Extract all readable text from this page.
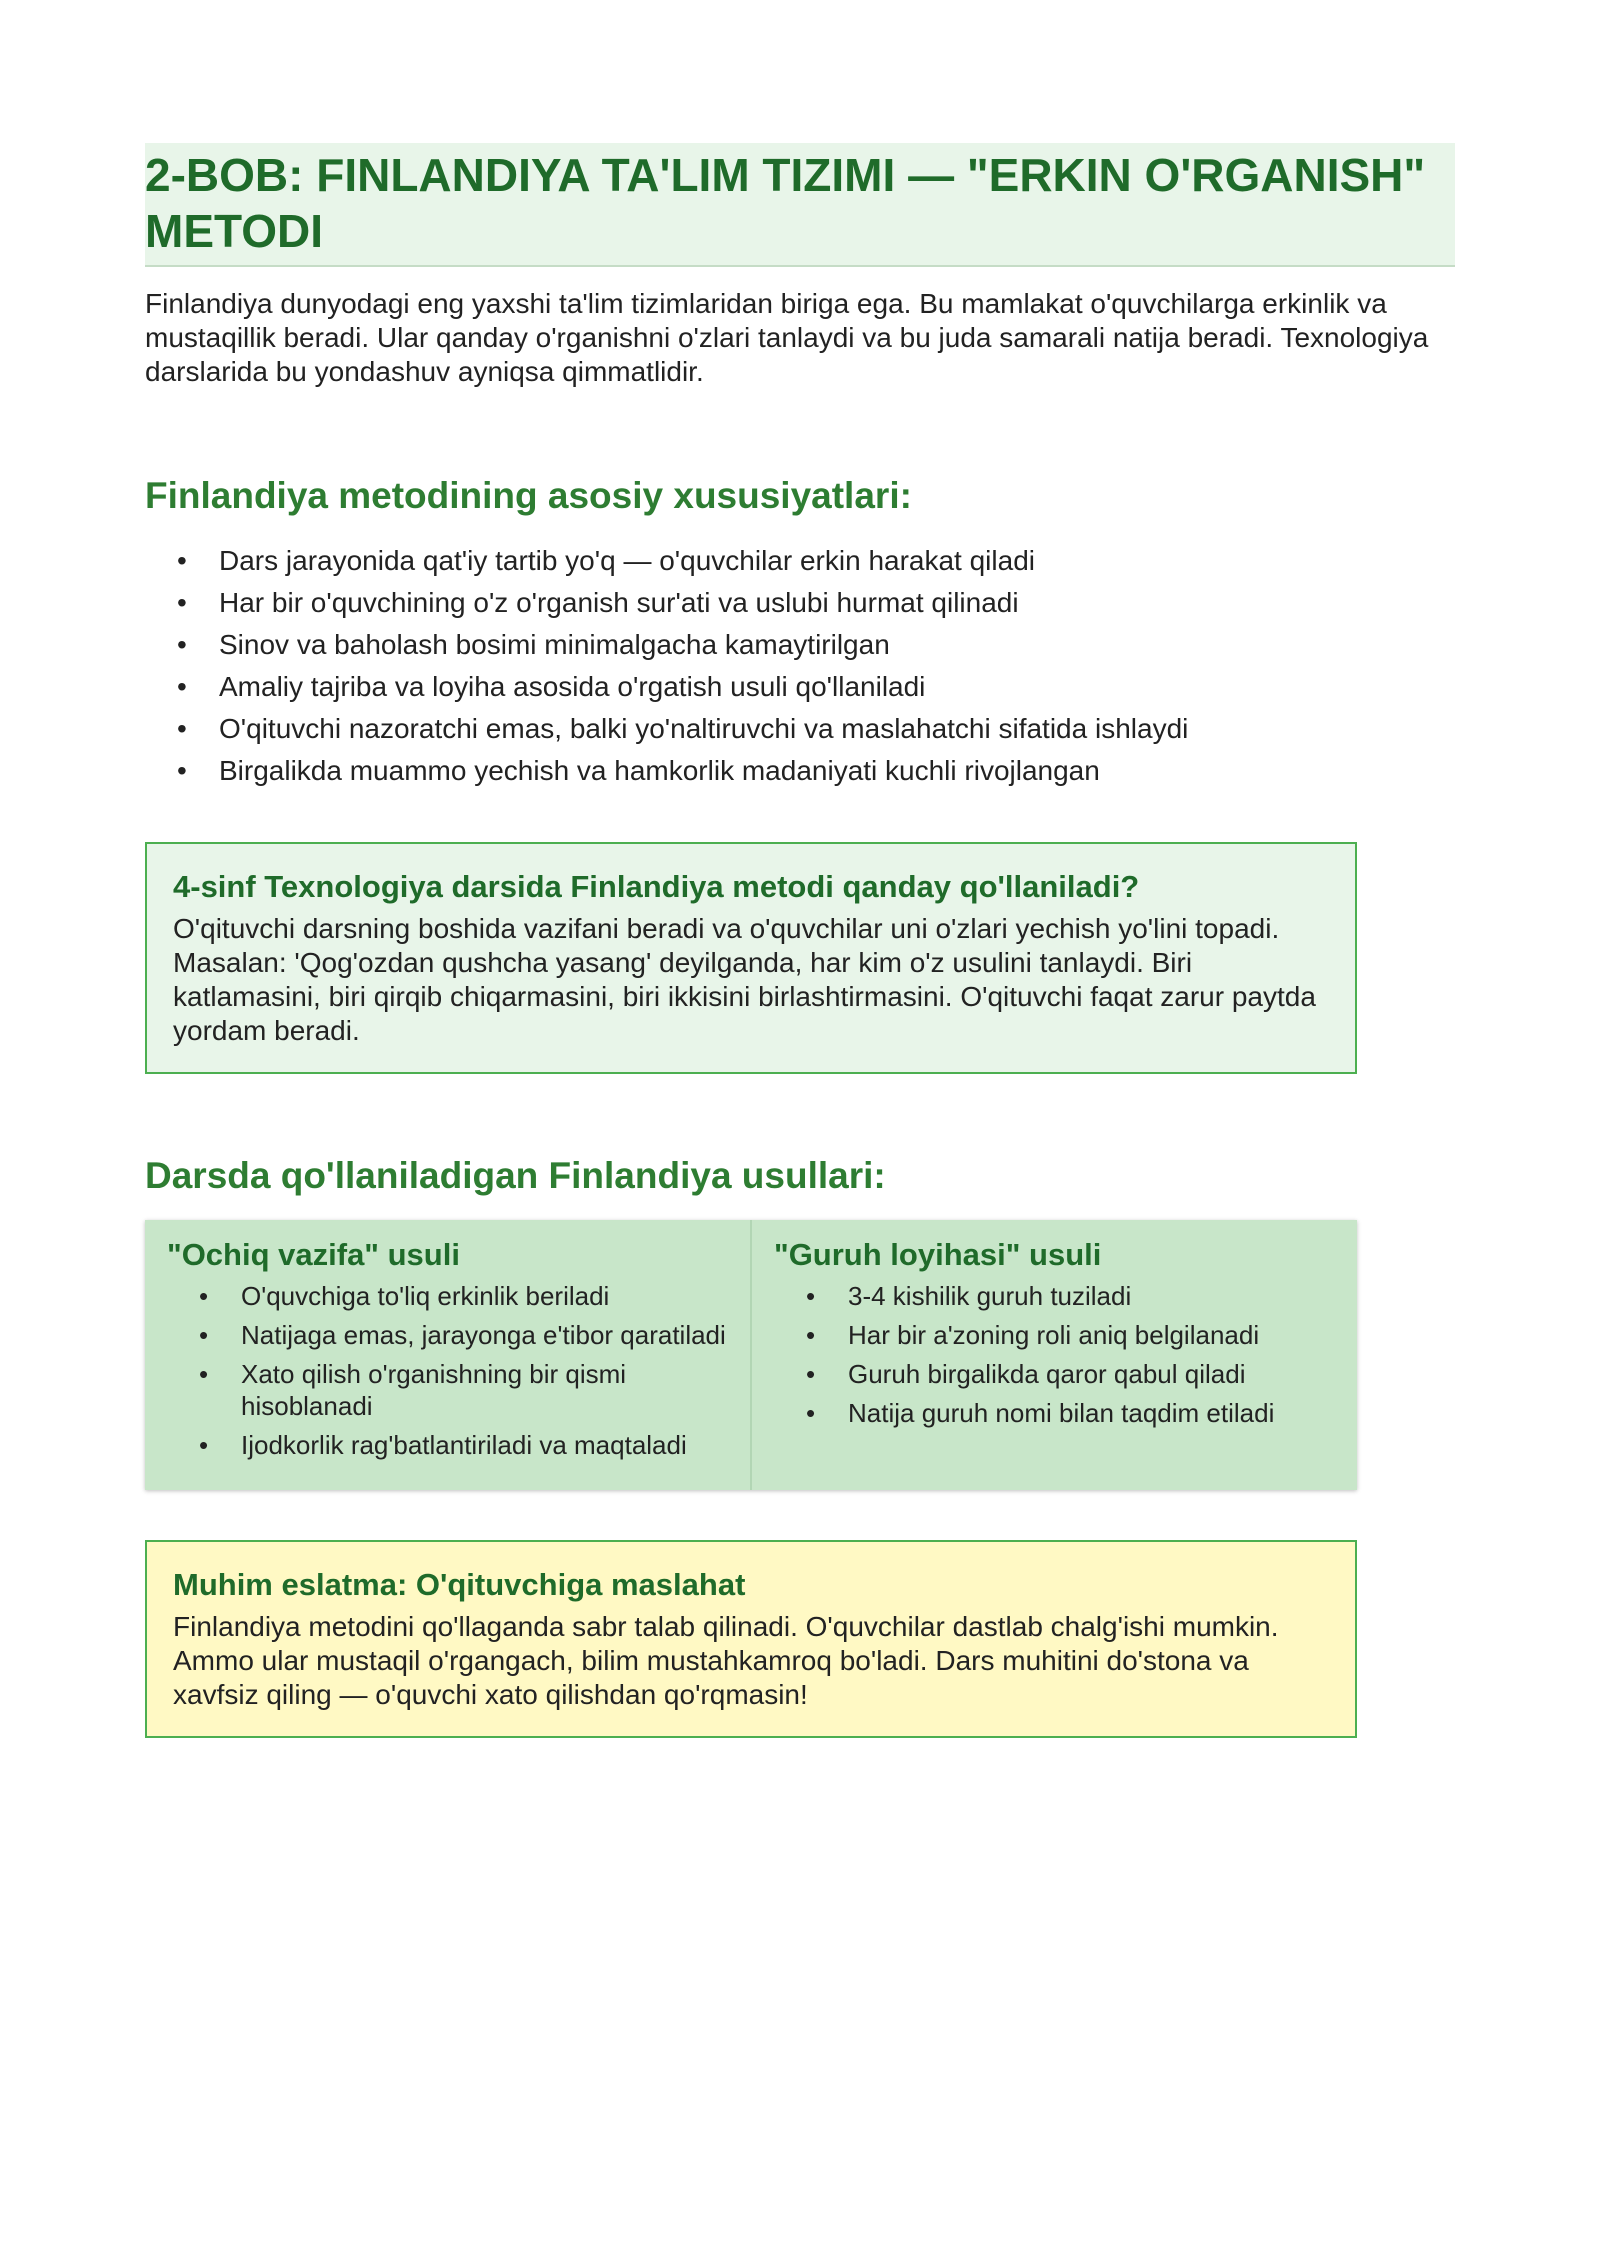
2-BOB: FINLANDIYA TA'LIM TIZIMI — "ERKIN O'RGANISH" METODI

Finlandiya dunyodagi eng yaxshi ta'lim tizimlaridan biriga ega. Bu mamlakat o'quvchilarga erkinlik va mustaqillik beradi. Ular qanday o'rganishni o'zlari tanlaydi va bu juda samarali natija beradi. Texnologiya darslarida bu yondashuv ayniqsa qimmatlidir.

Finlandiya metodining asosiy xususiyatlari:
• Dars jarayonida qat'iy tartib yo'q — o'quvchilar erkin harakat qiladi
• Har bir o'quvchining o'z o'rganish sur'ati va uslubi hurmat qilinadi
• Sinov va baholash bosimi minimalgacha kamaytirilgan
• Amaliy tajriba va loyiha asosida o'rgatish usuli qo'llaniladi
• O'qituvchi nazoratchi emas, balki yo'naltiruvchi va maslahatchi sifatida ishlaydi
• Birgalikda muammo yechish va hamkorlik madaniyati kuchli rivojlangan
4-sinf Texnologiya darsida Finlandiya metodi qanday qo'llaniladi?

O'qituvchi darsning boshida vazifani beradi va o'quvchilar uni o'zlari yechish yo'lini topadi. Masalan: 'Qog'ozdan qushcha yasang' deyilganda, har kim o'z usulini tanlaydi. Biri katlamasini, biri qirqib chiqarmasini, biri ikkisini birlashtirmasini. O'qituvchi faqat zarur paytda yordam beradi.

Darsda qo'llaniladigan Finlandiya usullari:
"Ochiq vazifa" usuli
• O'quvchiga to'liq erkinlik beriladi
• Natijaga emas, jarayonga e'tibor qaratiladi
• Xato qilish o'rganishning bir qismi hisoblanadi
• Ijodkorlik rag'batlantiriladi va maqtaladi
"Guruh loyihasi" usuli
• 3-4 kishilik guruh tuziladi
• Har bir a'zoning roli aniq belgilanadi
• Guruh birgalikda qaror qabul qiladi
• Natija guruh nomi bilan taqdim etiladi
Muhim eslatma: O'qituvchiga maslahat

Finlandiya metodini qo'llaganda sabr talab qilinadi. O'quvchilar dastlab chalg'ishi mumkin. Ammo ular mustaqil o'rgangach, bilim mustahkamroq bo'ladi. Dars muhitini do'stona va xavfsiz qiling — o'quvchi xato qilishdan qo'rqmasin!
